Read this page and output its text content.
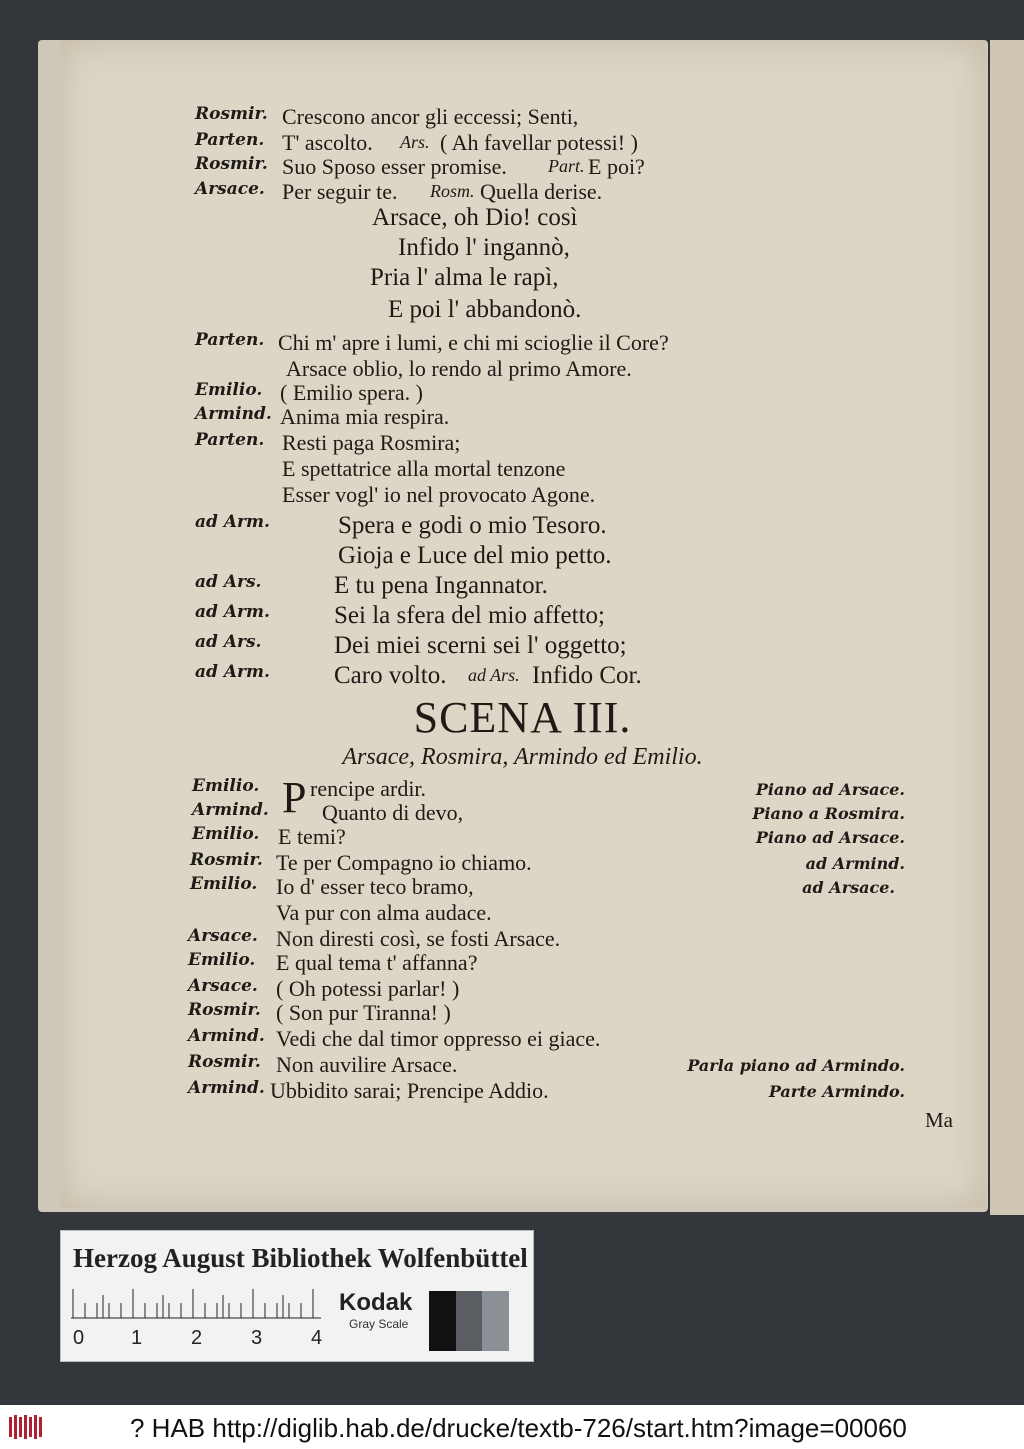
Rosmir. Crescono ancor gli eccessi; Senti,
Parten. T' ascolto. Ars. ( Ah favellar potessi! )
Rosmir. Suo Sposo esser promise. Part. E poi?
Arsace. Per seguir te. Rosm. Quella derise.
Arsace, oh Dio! così
Infido l' ingannò,
Pria l' alma le rapì,
E poi l' abbandonò.
Parten. Chi m' apre i lumi, e chi mi scioglie il Core?
Arsace oblio, lo rendo al primo Amore.
Emilio. ( Emilio spera. )
Armind. Anima mia respira.
Parten. Resti paga Rosmira;
E spettatrice alla mortal tenzone
Esser vogl' io nel provocato Agone.
ad Arm.	Spera e godi o mio Tesoro.
Gioja e Luce del mio petto.
ad Ars.	E tu pena Ingannator.
ad Arm.	Sei la sfera del mio affetto;
ad Ars.	Dei miei scerni sei l' oggetto;
ad Arm.	Caro volto. ad Ars. Infido Cor.
SCENA III.
Arsace, Rosmira, Armindo ed Emilio.
Emilio. P rencipe ardir.	Piano ad Arsace.
Armind. Quanto di devo,	Piano a Rosmira.
Emilio. E temi?	Piano ad Arsace.
Rosmir. Te per Compagno io chiamo.	ad Armind.
Emilio. Io d' esser teco bramo,	ad Arsace.
Va pur con alma audace.
Arsace. Non diresti così, se fosti Arsace.
Emilio. E qual tema t' affanna?
Arsace. ( Oh potessi parlar! )
Rosmir. ( Son pur Tiranna! )
Armind. Vedi che dal timor oppresso ei giace.
Rosmir. Non auvilire Arsace.	Parla piano ad Armindo.
Armind. Ubbidito sarai; Prencipe Addio.	Parte Armindo.
Ma
Herzog August Bibliothek Wolfenbüttel
0 1 2 3 4
Kodak
Gray Scale
? HAB http://diglib.hab.de/drucke/textb-726/start.htm?image=00060
